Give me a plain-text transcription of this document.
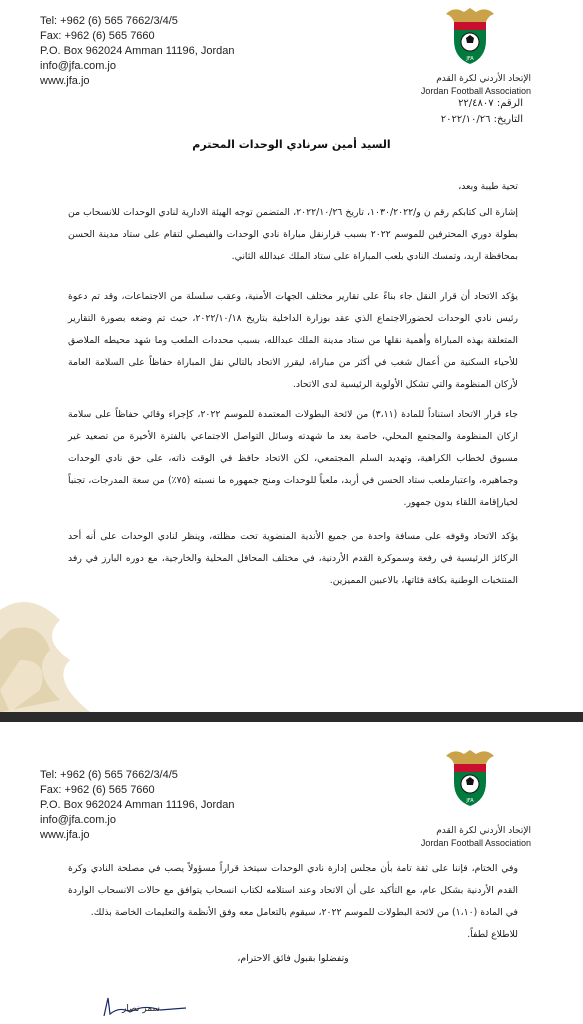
Tel: +962 (6) 565 7662/3/4/5
Fax: +962 (6) 565 7660
P.O. Box 962024 Amman 11196, Jordan
info@jfa.com.jo
www.jfa.jo
JFA
الإتحاد الأردني لكرة القدم
Jordan Football Association
الرقم: ٢٢/٤٨٠٧
التاريخ: ٢٠٢٢/١٠/٢٦
السيد أمين سرنادي الوحدات المحترم
تحية طيبة وبعد،

إشارة الى كتابكم رقم ن و/١٠٣٠/٢٠٢٢، تاريخ ٢٠٢٢/١٠/٢٦، المتضمن توجه الهيئة الادارية لنادي الوحدات للانسحاب من بطولة دوري المحترفين للموسم ٢٠٢٢ بسبب قرارنقل مباراة نادي الوحدات والفيصلي لتقام على ستاد مدينة الحسن بمحافظة اربد، وتمسك النادي بلعب المباراة على ستاد الملك عبدالله الثاني.

يؤكد الاتحاد أن قرار النقل جاء بناءً على تقارير مختلف الجهات الأمنية، وعقب سلسلة من الاجتماعات، وقد تم دعوة رئيس نادي الوحدات لحضورالاجتماع الذي عقد بوزارة الداخلية بتاريخ ٢٠٢٢/١٠/١٨، حيث تم وضعه بصورة التقارير المتعلقة بهذه المباراة وأهمية نقلها من ستاد مدينة الملك عبدالله، بسبب محددات الملعب وما شهد محيطه الملاصق للأحياء السكنية من أعمال شغب في أكثر من مباراة، ليقرر الاتحاد بالتالي نقل المباراة حفاظاً على السلامة العامة لأركان المنظومة والتي تشكل الأولوية الرئيسية لدى الاتحاد.

جاء قرار الاتحاد استناداً للمادة (٣،١١) من لائحة البطولات المعتمدة للموسم ٢٠٢٢، كإجراء وقائي حفاظاً على سلامة اركان المنظومة والمجتمع المحلي، خاصة بعد ما شهدته وسائل التواصل الاجتماعي بالفترة الأخيرة من تصعيد غير مسبوق لخطاب الكراهية، وتهديد السلم المجتمعي، لكن الاتحاد حافظ في الوقت ذاته، على حق نادي الوحدات وجماهيره، واعتبارملعب ستاد الحسن في أربد، ملعباً للوحدات ومنح جمهوره ما نسبته (٧٥٪) من سعة المدرجات، تجنباً لخيارإقامة اللقاء بدون جمهور.

يؤكد الاتحاد وقوفه على مسافة واحدة من جميع الأندية المنضوية تحت مظلته، وينظر لنادي الوحدات على أنه أحد الركائز الرئيسية في رفعة وسموكرة القدم الأردنية، في مختلف المحافل المحلية والخارجية، مع دوره البارز في رفد المنتخبات الوطنية بكافة فئاتها، بالاعبين المميزين.

Tel: +962 (6) 565 7662/3/4/5
Fax: +962 (6) 565 7660
P.O. Box 962024 Amman 11196, Jordan
info@jfa.com.jo
www.jfa.jo
JFA
الإتحاد الأردني لكرة القدم
Jordan Football Association

وفي الختام، فإننا على ثقة تامة بأن مجلس إدارة نادي الوحدات سيتخذ قراراً مسؤولاً يصب في مصلحة النادي وكرة القدم الأردنية بشكل عام، مع التأكيد على أن الاتحاد وعند استلامه لكتاب انسحاب يتوافق مع حالات الانسحاب الواردة في المادة (١،١٠) من لائحة البطولات للموسم ٢٠٢٢، سيقوم بالتعامل معه وفق الأنظمة والتعليمات الخاصة بذلك.

للاطلاع لطفاً.
وتفضلوا بقبول فائق الاحترام،
سمر نصار
